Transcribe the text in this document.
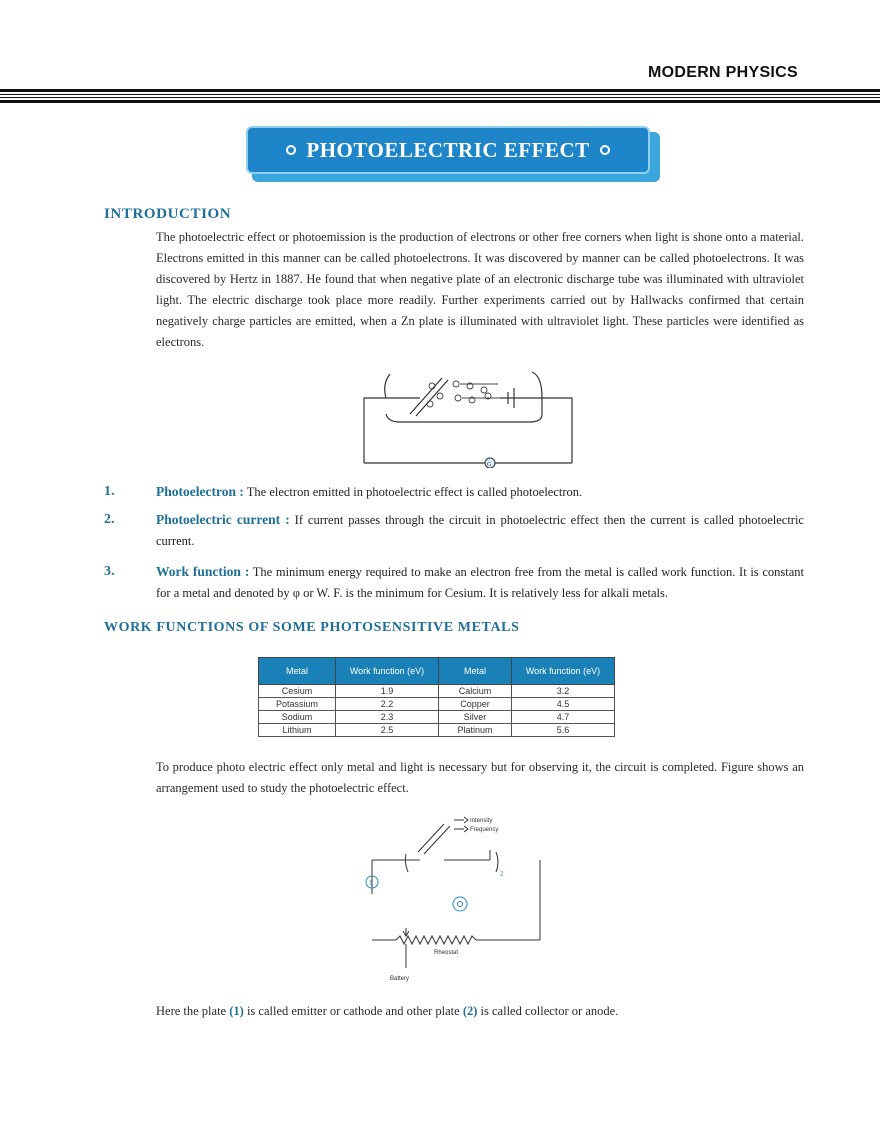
MODERN PHYSICS
PHOTOELECTRIC EFFECT
INTRODUCTION
The photoelectric effect or photoemission is the production of electrons or other free corners when light is shone onto a material. Electrons emitted in this manner can be called photoelectrons. It was discovered by manner can be called photoelectrons. It was discovered by Hertz in 1887. He found that when negative plate of an electronic discharge tube was illuminated with ultraviolet light. The electric discharge took place more readily. Further experiments carried out by Hallwacks confirmed that certain negatively charge particles are emitted, when a Zn plate is illuminated with ultraviolet light. These particles were identified as electrons.
G
1.	Photoelectron : The electron emitted in photoelectric effect is called photoelectron.
2.	Photoelectric current : If current passes through the circuit in photoelectric effect then the current is called photoelectric current.
3.	Work function : The minimum energy required to make an electron free from the metal is called work function. It is constant for a metal and denoted by φ or W. F. is the minimum for Cesium. It is relatively less for alkali metals.
WORK FUNCTIONS OF SOME PHOTOSENSITIVE METALS
Metal	Work function (eV)	Metal	Work function (eV)
Cesium	1.9	Calcium	3.2
Potassium	2.2	Copper	4.5
Sodium	2.3	Silver	4.7
Lithium	2.5	Platinum	5.6
To produce photo electric effect only metal and light is necessary but for observing it, the circuit is completed. Figure shows an arrangement used to study the photoelectric effect.
1
2
Intensity
Frequency
Rheostat
Battery
Here the plate (1) is called emitter or cathode and other plate (2) is called collector or anode.
